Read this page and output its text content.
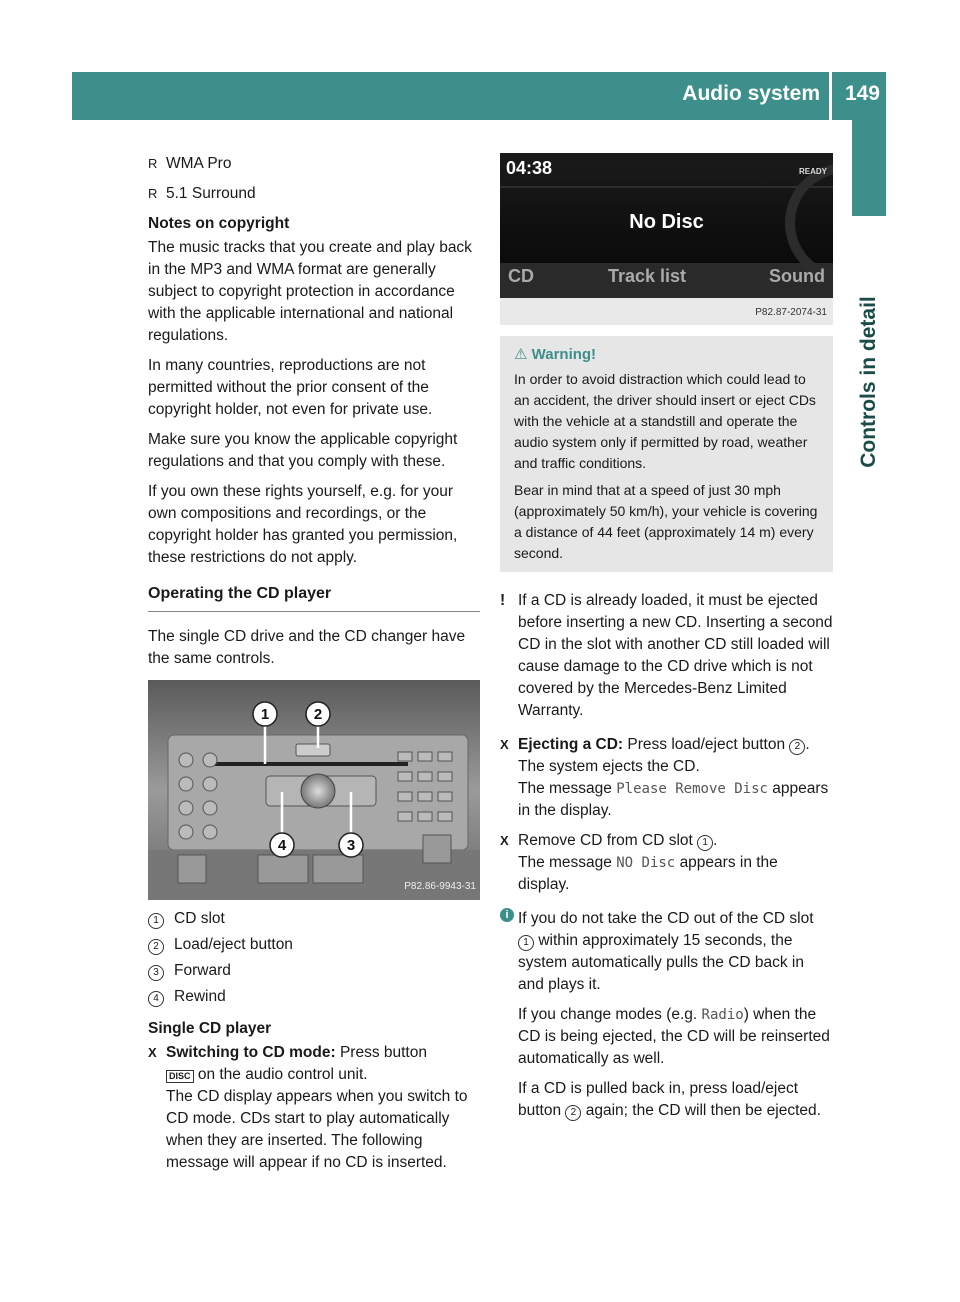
Audio system 149
Controls in detail
R WMA Pro
R 5.1 Surround
Notes on copyright

The music tracks that you create and play back in the MP3 and WMA format are generally subject to copyright protection in accordance with the applicable international and national regulations.

In many countries, reproductions are not permitted without the prior consent of the copyright holder, not even for private use.

Make sure you know the applicable copyright regulations and that you comply with these.

If you own these rights yourself, e.g. for your own compositions and recordings, or the copyright holder has granted you permission, these restrictions do not apply.

Operating the CD player

The single CD drive and the CD changer have the same controls.

1	2
4	3
P82.86-9943-31
1 CD slot
2 Load/eject button
3 Forward
4 Rewind
Single CD player
X Switching to CD mode: Press button
DISC on the audio control unit.
The CD display appears when you switch to CD mode. CDs start to play automatically when they are inserted. The following message will appear if no CD is inserted.
04:38	READY
No Disc
CD	Track list	Sound
P82.87-2074-31
⚠ Warning!

In order to avoid distraction which could lead to an accident, the driver should insert or eject CDs with the vehicle at a standstill and operate the audio system only if permitted by road, weather and traffic conditions.

Bear in mind that at a speed of just 30 mph (approximately 50 km/h), your vehicle is covering a distance of 44 feet (approximately 14 m) every second.

! If a CD is already loaded, it must be ejected before inserting a new CD. Inserting a second CD in the slot with another CD still loaded will cause damage to the CD drive which is not covered by the Mercedes-Benz Limited Warranty.
X Ejecting a CD: Press load/eject button 2 .
The system ejects the CD.
The message Please Remove Disc appears in the display.
X Remove CD from CD slot 1 .
The message NO Disc appears in the display.
i If you do not take the CD out of the CD slot 1 within approximately 15 seconds, the system automatically pulls the CD back in and plays it.

If you change modes (e.g. Radio) when the CD is being ejected, the CD will be reinserted automatically as well.

If a CD is pulled back in, press load/eject button 2 again; the CD will then be ejected.
